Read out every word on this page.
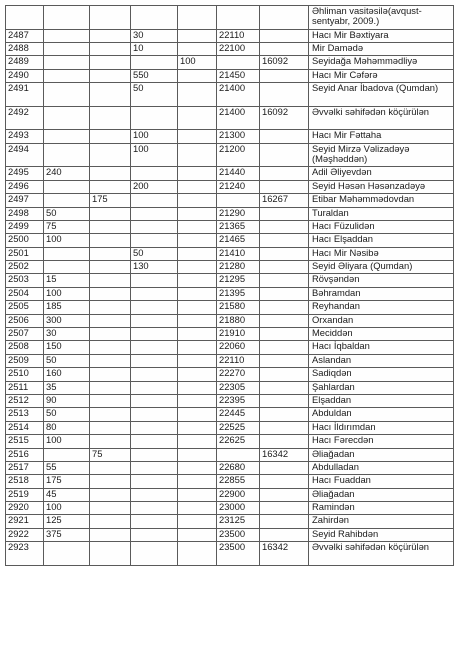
							Əhliman vasitəsilə(avqust-sentyabr, 2009.)
2487			30		22110		Hacı Mir Bəxtiyara
2488			10		22100		Mir Damədə
2489				100		16092	Seyidağa Məhəmmədliyə
2490			550		21450		Hacı Mir Cəfərə
2491			50		21400		Seyid Anar İbadova (Qumdan)
2492					21400	16092	Əvvəlki səhifədən köçürülən
2493			100		21300		Hacı Mir Fəttaha
2494			100		21200		Seyid Mirzə Vəlizadəyə (Məşhəddən)
2495	240				21440		Adil Əliyevdən
2496			200		21240		Seyid Həsən Həsənzadəyə
2497		175				16267	Etibar Məhəmmədovdan
2498	50				21290		Turaldan
2499	75				21365		Hacı Füzulidən
2500	100				21465		Hacı Elşaddan
2501			50		21410		Hacı Mir Nəsibə
2502			130		21280		Seyid Əliyara (Qumdan)
2503	15				21295		Rövşəndən
2504	100				21395		Bəhramdan
2505	185				21580		Reyhandan
2506	300				21880		Orxandan
2507	30				21910		Meciddən
2508	150				22060		Hacı İqbaldan
2509	50				22110		Aslandan
2510	160				22270		Sadiqdən
2511	35				22305		Şahlardan
2512	90				22395		Elşaddan
2513	50				22445		Abduldan
2514	80				22525		Hacı İldırımdan
2515	100				22625		Hacı Fərecdən
2516		75				16342	Əliağadan
2517	55				22680		Abdulladan
2518	175				22855		Hacı Fuaddan
2519	45				22900		Əliağadan
2920	100				23000		Ramindən
2921	125				23125		Zahirdən
2922	375				23500		Seyid Rahibdən
2923					23500	16342	Əvvəlki səhifədən köçürülən
